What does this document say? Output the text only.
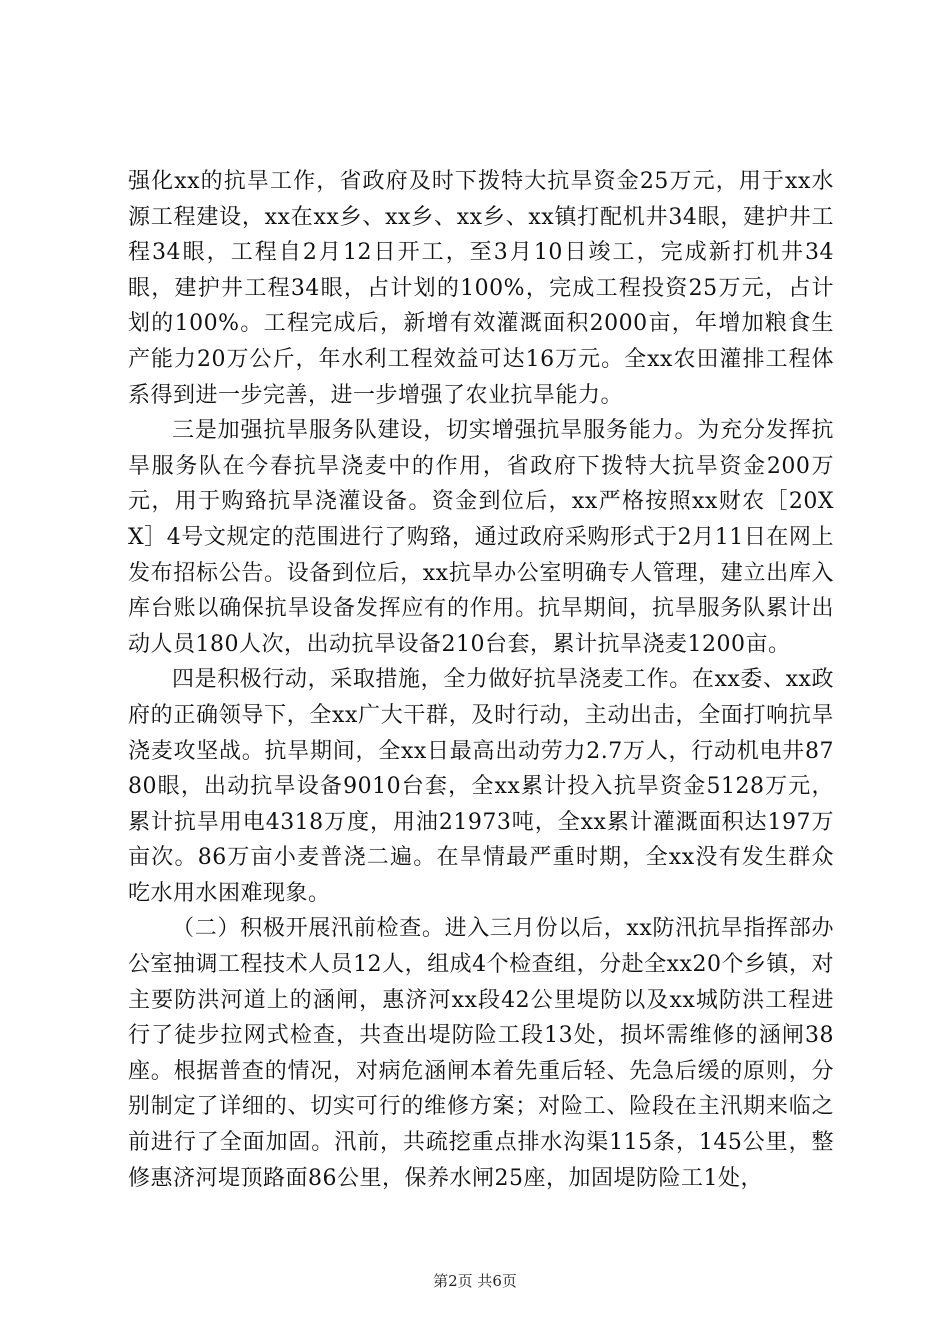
强化xx的抗旱工作，省政府及时下拨特大抗旱资金25万元，用于xx水源工程建设，xx在xx乡、xx乡、xx乡、xx镇打配机井34眼，建护井工程34眼，工程自2月12日开工，至3月10日竣工，完成新打机井34眼，建护井工程34眼，占计划的100%，完成工程投资25万元，占计划的100%。工程完成后，新增有效灌溉面积2000亩，年增加粮食生产能力20万公斤，年水利工程效益可达16万元。全xx农田灌排工程体系得到进一步完善，进一步增强了农业抗旱能力。

三是加强抗旱服务队建设，切实增强抗旱服务能力。为充分发挥抗旱服务队在今春抗旱浇麦中的作用，省政府下拨特大抗旱资金200万元，用于购臵抗旱浇灌设备。资金到位后，xx严格按照xx财农［20XX］4号文规定的范围进行了购臵，通过政府采购形式于2月11日在网上发布招标公告。设备到位后，xx抗旱办公室明确专人管理，建立出库入库台账以确保抗旱设备发挥应有的作用。抗旱期间，抗旱服务队累计出动人员180人次，出动抗旱设备210台套，累计抗旱浇麦1200亩。

四是积极行动，采取措施，全力做好抗旱浇麦工作。在xx委、xx政府的正确领导下，全xx广大干群，及时行动，主动出击，全面打响抗旱浇麦攻坚战。抗旱期间，全xx日最高出动劳力2.7万人，行动机电井8780眼，出动抗旱设备9010台套，全xx累计投入抗旱资金5128万元，累计抗旱用电4318万度，用油21973吨，全xx累计灌溉面积达197万亩次。86万亩小麦普浇二遍。在旱情最严重时期，全xx没有发生群众吃水用水困难现象。

（二）积极开展汛前检查。进入三月份以后，xx防汛抗旱指挥部办公室抽调工程技术人员12人，组成4个检查组，分赴全xx20个乡镇，对主要防洪河道上的涵闸，惠济河xx段42公里堤防以及xx城防洪工程进行了徒步拉网式检查，共查出堤防险工段13处，损坏需维修的涵闸38座。根据普查的情况，对病危涵闸本着先重后轻、先急后缓的原则，分别制定了详细的、切实可行的维修方案；对险工、险段在主汛期来临之前进行了全面加固。汛前，共疏挖重点排水沟渠115条，145公里，整修惠济河堤顶路面86公里，保养水闸25座，加固堤防险工1处，

第2页 共6页
